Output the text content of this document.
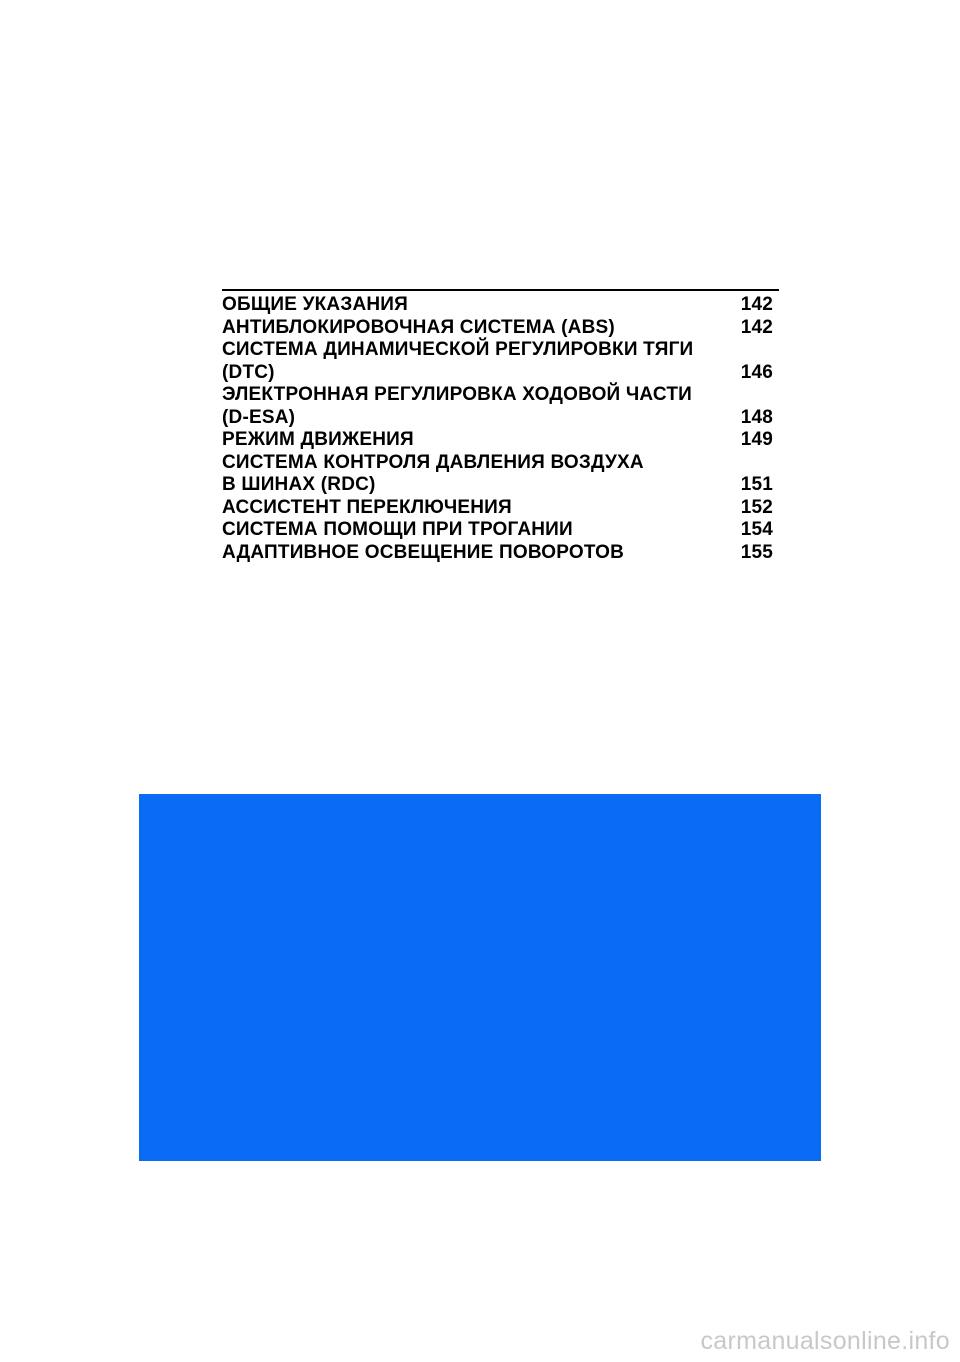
ОБЩИЕ УКАЗАНИЯ	142
АНТИБЛОКИРОВОЧНАЯ СИСТЕМА (ABS)	142
СИСТЕМА ДИНАМИЧЕСКОЙ РЕГУЛИРОВКИ ТЯГИ
(DTC)	146
ЭЛЕКТРОННАЯ РЕГУЛИРОВКА ХОДОВОЙ ЧАСТИ
(D-ESA)	148
РЕЖИМ ДВИЖЕНИЯ	149
СИСТЕМА КОНТРОЛЯ ДАВЛЕНИЯ ВОЗДУХА
В ШИНАХ (RDC)	151
АССИСТЕНТ ПЕРЕКЛЮЧЕНИЯ	152
СИСТЕМА ПОМОЩИ ПРИ ТРОГАНИИ	154
АДАПТИВНОЕ ОСВЕЩЕНИЕ ПОВОРОТОВ	155
carmanualsonline.info
